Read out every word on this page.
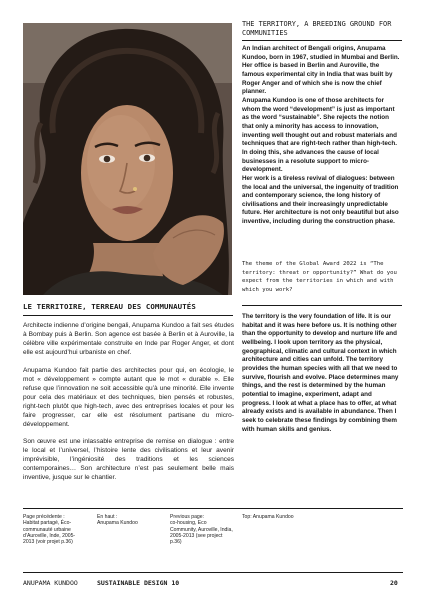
LE TERRITOIRE, TERREAU DES COMMUNAUTÉS

Architecte indienne d’origine bengali, Anupama Kundoo a fait ses études à Bombay puis à Berlin. Son agence est basée à Berlin et à Auroville, la célèbre ville expérimentale construite en Inde par Roger Anger, et dont elle est aujourd’hui urbaniste en chef.

Anupama Kundoo fait partie des architectes pour qui, en écologie, le mot « développement » compte autant que le mot « durable ». Elle refuse que l’innovation ne soit accessible qu’à une minorité. Elle invente pour cela des matériaux et des techniques, bien pensés et robustes, right-tech plutôt que high-tech, avec des entreprises locales et pour les faire progresser, car elle est résolument partisane du micro-développement.

Son œuvre est une inlassable entreprise de remise en dialogue : entre le local et l’universel, l’histoire lente des civilisations et leur avenir imprévisible, l’ingéniosité des traditions et les sciences contemporaines… Son architecture n’est pas seulement belle mais inventive, jusque sur le chantier.

THE TERRITORY, A BREEDING GROUND FOR COMMUNITIES

An Indian architect of Bengali origins, Anupama Kundoo, born in 1967, studied in Mumbai and Berlin. Her office is based in Berlin and Auroville, the famous experimental city in India that was built by Roger Anger and of which she is now the chief planner.

Anupama Kundoo is one of those architects for whom the word “development” is just as important as the word “sustainable”. She rejects the notion that only a minority has access to innovation, inventing well thought out and robust materials and techniques that are right-tech rather than high-tech. In doing this, she advances the cause of local businesses in a resolute support to micro-development.

Her work is a tireless revival of dialogues: between the local and the universal, the ingenuity of tradition and contemporary science, the long history of civilisations and their increasingly unpredictable future. Her architecture is not only beautiful but also inventive, including during the construction phase.

The theme of the Global Award 2022 is “The territory: threat or opportunity?” What do you expect from the territories in which and with which you work?
The territory is the very foundation of life. It is our habitat and it was here before us. It is nothing other than the opportunity to develop and nurture life and wellbeing. I look upon territory as the physical, geographical, climatic and cultural context in which architecture and cities can unfold. The territory provides the human species with all that we need to survive, flourish and evolve. Place determines many things, and the rest is determined by the human potential to imagine, experiment, adapt and progress. I look at what a place has to offer, at what already exists and is available in abundance. Then I seek to celebrate these findings by combining them with human skills and genius.
Page précédente :
Habitat partagé, Éco-communauté urbaine d’Auroville, Inde, 2005-2013 (voir projet p.36)
En haut :
Anupama Kundoo
Previous page:
co-housing, Eco Community, Auroville, India, 2005-2013 (see project p.36)
Top: Anupama Kundoo
ANUPAMA KUNDOO	SUSTAINABLE DESIGN 10	20
